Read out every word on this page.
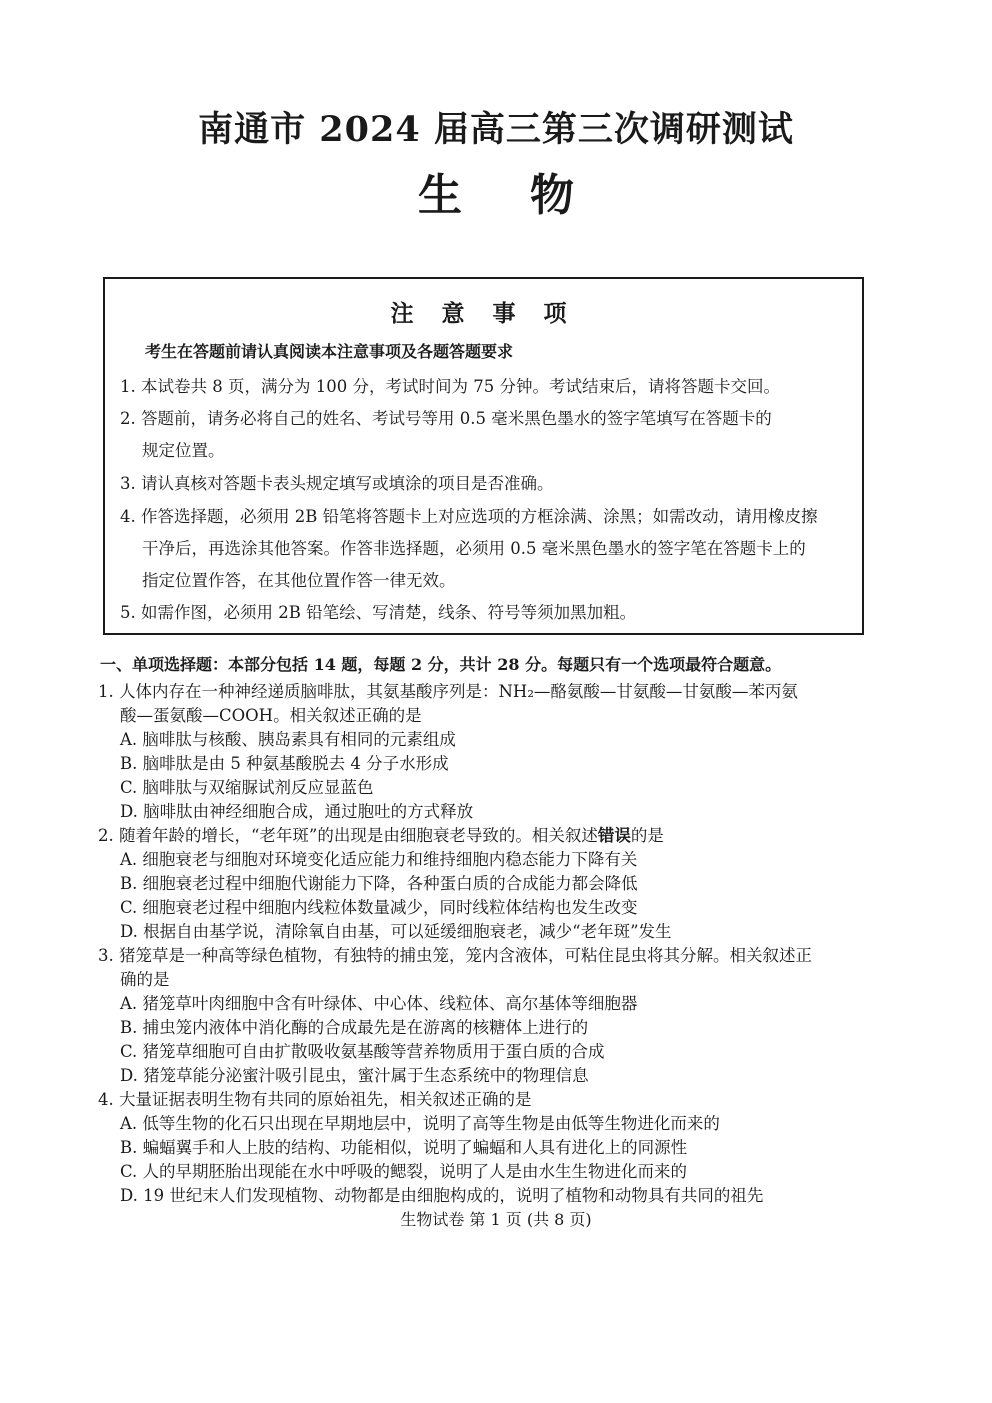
南通市 2024 届高三第三次调研测试
生 物
注 意 事 项
考生在答题前请认真阅读本注意事项及各题答题要求
1. 本试卷共 8 页，满分为 100 分，考试时间为 75 分钟。考试结束后，请将答题卡交回。
2. 答题前，请务必将自己的姓名、考试号等用 0.5 毫米黑色墨水的签字笔填写在答题卡的
规定位置。
3. 请认真核对答题卡表头规定填写或填涂的项目是否准确。
4. 作答选择题，必须用 2B 铅笔将答题卡上对应选项的方框涂满、涂黑；如需改动，请用橡皮擦
干净后，再选涂其他答案。作答非选择题，必须用 0.5 毫米黑色墨水的签字笔在答题卡上的
指定位置作答，在其他位置作答一律无效。
5. 如需作图，必须用 2B 铅笔绘、写清楚，线条、符号等须加黑加粗。
一、单项选择题：本部分包括 14 题，每题 2 分，共计 28 分。每题只有一个选项最符合题意。
1. 人体内存在一种神经递质脑啡肽，其氨基酸序列是：NH₂—酪氨酸—甘氨酸—甘氨酸—苯丙氨
酸—蛋氨酸—COOH。相关叙述正确的是
A. 脑啡肽与核酸、胰岛素具有相同的元素组成
B. 脑啡肽是由 5 种氨基酸脱去 4 分子水形成
C. 脑啡肽与双缩脲试剂反应显蓝色
D. 脑啡肽由神经细胞合成，通过胞吐的方式释放
2. 随着年龄的增长，“老年斑”的出现是由细胞衰老导致的。相关叙述错误的是
A. 细胞衰老与细胞对环境变化适应能力和维持细胞内稳态能力下降有关
B. 细胞衰老过程中细胞代谢能力下降，各种蛋白质的合成能力都会降低
C. 细胞衰老过程中细胞内线粒体数量减少，同时线粒体结构也发生改变
D. 根据自由基学说，清除氧自由基，可以延缓细胞衰老，减少“老年斑”发生
3. 猪笼草是一种高等绿色植物，有独特的捕虫笼，笼内含液体，可粘住昆虫将其分解。相关叙述正
确的是
A. 猪笼草叶肉细胞中含有叶绿体、中心体、线粒体、高尔基体等细胞器
B. 捕虫笼内液体中消化酶的合成最先是在游离的核糖体上进行的
C. 猪笼草细胞可自由扩散吸收氨基酸等营养物质用于蛋白质的合成
D. 猪笼草能分泌蜜汁吸引昆虫，蜜汁属于生态系统中的物理信息
4. 大量证据表明生物有共同的原始祖先，相关叙述正确的是
A. 低等生物的化石只出现在早期地层中，说明了高等生物是由低等生物进化而来的
B. 蝙蝠翼手和人上肢的结构、功能相似，说明了蝙蝠和人具有进化上的同源性
C. 人的早期胚胎出现能在水中呼吸的鳃裂，说明了人是由水生生物进化而来的
D. 19 世纪末人们发现植物、动物都是由细胞构成的，说明了植物和动物具有共同的祖先
生物试卷 第 1 页 (共 8 页)
